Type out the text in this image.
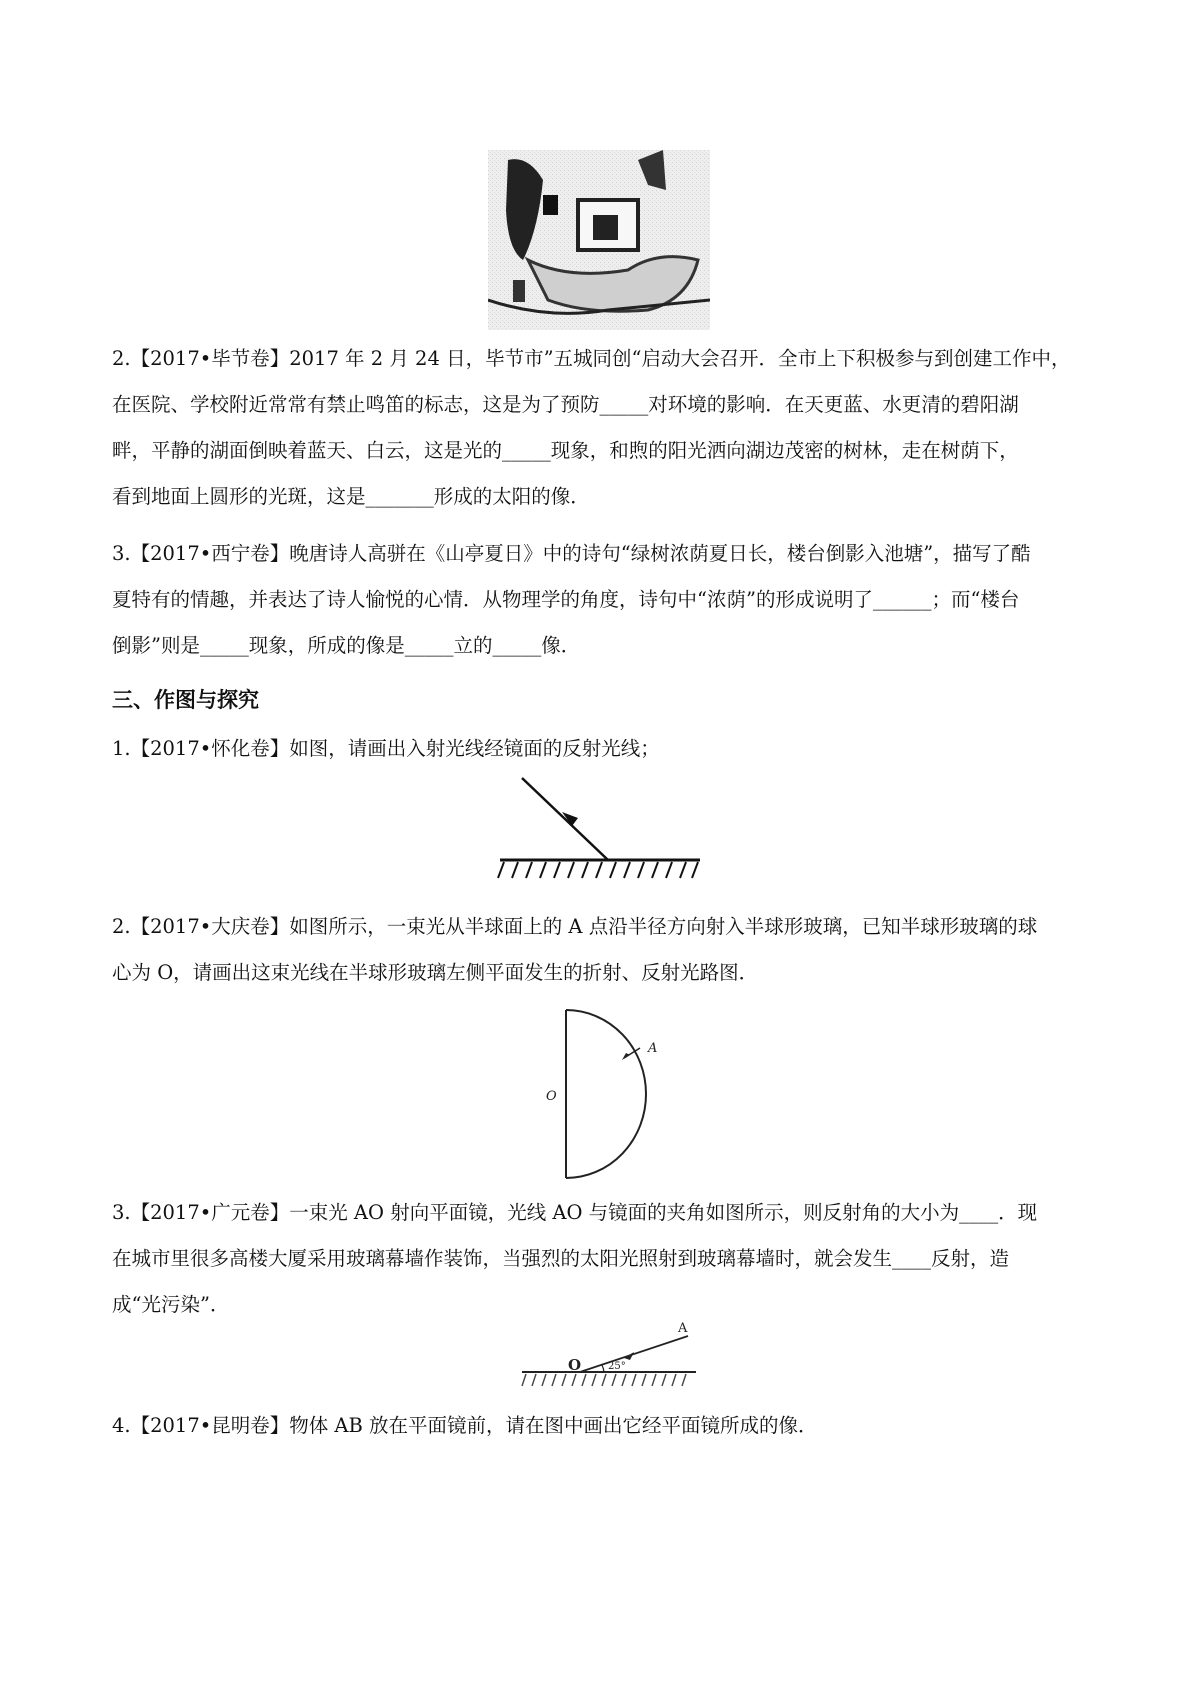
2.【2017•毕节卷】2017 年 2 月 24 日，毕节市”五城同创“启动大会召开．全市上下积极参与到创建工作中，

在医院、学校附近常常有禁止鸣笛的标志，这是为了预防_____对环境的影响．在天更蓝、水更清的碧阳湖

畔，平静的湖面倒映着蓝天、白云，这是光的_____现象，和煦的阳光洒向湖边茂密的树林，走在树荫下，

看到地面上圆形的光斑，这是_______形成的太阳的像．

3.【2017•西宁卷】晚唐诗人高骈在《山亭夏日》中的诗句“绿树浓荫夏日长，楼台倒影入池塘”，描写了酷

夏特有的情趣，并表达了诗人愉悦的心情．从物理学的角度，诗句中“浓荫”的形成说明了______；而“楼台

倒影”则是_____现象，所成的像是_____立的_____像．

三、作图与探究

1.【2017•怀化卷】如图，请画出入射光线经镜面的反射光线；

2.【2017•大庆卷】如图所示，一束光从半球面上的 A 点沿半径方向射入半球形玻璃，已知半球形玻璃的球

心为 O，请画出这束光线在半球形玻璃左侧平面发生的折射、反射光路图．

A
O

3.【2017•广元卷】一束光 AO 射向平面镜，光线 AO 与镜面的夹角如图所示，则反射角的大小为____．现

在城市里很多高楼大厦采用玻璃幕墙作装饰，当强烈的太阳光照射到玻璃幕墙时，就会发生____反射，造

成“光污染”．

A
O	25°

4.【2017•昆明卷】物体 AB 放在平面镜前，请在图中画出它经平面镜所成的像．
